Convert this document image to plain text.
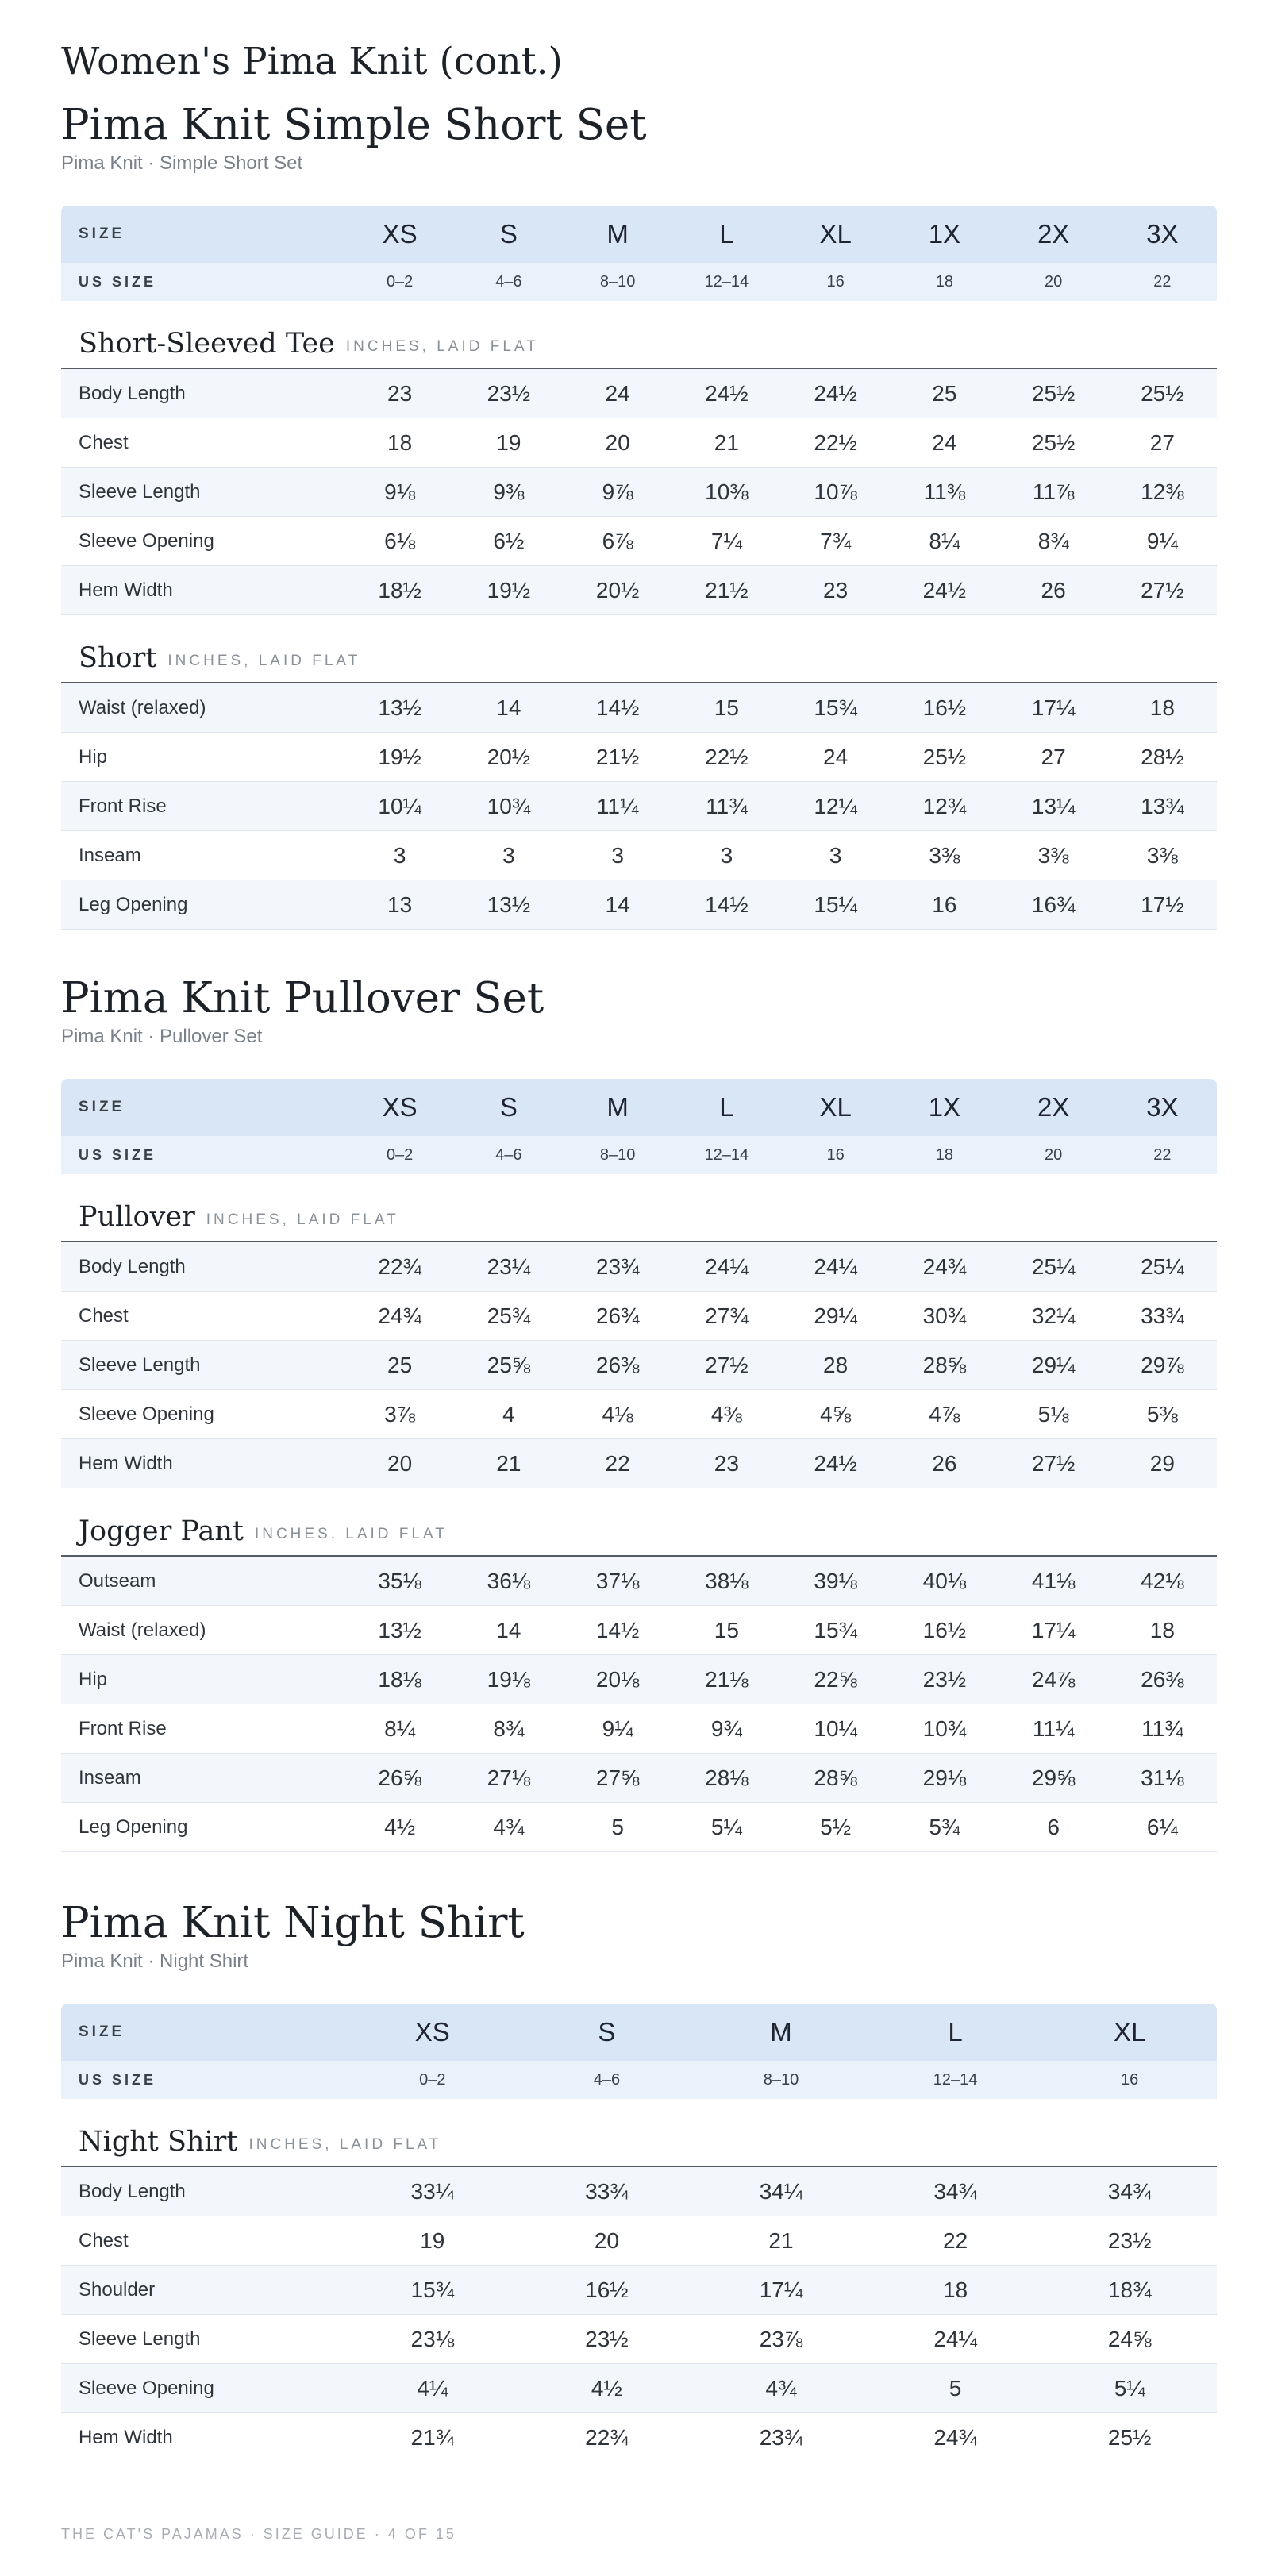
Women's Pima Knit (cont.)
Pima Knit Simple Short Set

Pima Knit · Simple Short Set

SIZE	XS	S	M	L	XL	1X	2X	3X
US SIZE	0–2	4–6	8–10	12–14	16	18	20	22
Short-Sleeved Tee INCHES, LAID FLAT
Body Length	23	23½	24	24½	24½	25	25½	25½
Chest	18	19	20	21	22½	24	25½	27
Sleeve Length	9⅛	9⅜	9⅞	10⅜	10⅞	11⅜	11⅞	12⅜
Sleeve Opening	6⅛	6½	6⅞	7¼	7¾	8¼	8¾	9¼
Hem Width	18½	19½	20½	21½	23	24½	26	27½
Short INCHES, LAID FLAT
Waist (relaxed)	13½	14	14½	15	15¾	16½	17¼	18
Hip	19½	20½	21½	22½	24	25½	27	28½
Front Rise	10¼	10¾	11¼	11¾	12¼	12¾	13¼	13¾
Inseam	3	3	3	3	3	3⅜	3⅜	3⅜
Leg Opening	13	13½	14	14½	15¼	16	16¾	17½
Pima Knit Pullover Set

Pima Knit · Pullover Set

SIZE	XS	S	M	L	XL	1X	2X	3X
US SIZE	0–2	4–6	8–10	12–14	16	18	20	22
Pullover INCHES, LAID FLAT
Body Length	22¾	23¼	23¾	24¼	24¼	24¾	25¼	25¼
Chest	24¾	25¾	26¾	27¾	29¼	30¾	32¼	33¾
Sleeve Length	25	25⅝	26⅜	27½	28	28⅝	29¼	29⅞
Sleeve Opening	3⅞	4	4⅛	4⅜	4⅝	4⅞	5⅛	5⅜
Hem Width	20	21	22	23	24½	26	27½	29
Jogger Pant INCHES, LAID FLAT
Outseam	35⅛	36⅛	37⅛	38⅛	39⅛	40⅛	41⅛	42⅛
Waist (relaxed)	13½	14	14½	15	15¾	16½	17¼	18
Hip	18⅛	19⅛	20⅛	21⅛	22⅝	23½	24⅞	26⅜
Front Rise	8¼	8¾	9¼	9¾	10¼	10¾	11¼	11¾
Inseam	26⅝	27⅛	27⅝	28⅛	28⅝	29⅛	29⅝	31⅛
Leg Opening	4½	4¾	5	5¼	5½	5¾	6	6¼
Pima Knit Night Shirt

Pima Knit · Night Shirt

SIZE	XS	S	M	L	XL
US SIZE	0–2	4–6	8–10	12–14	16
Night Shirt INCHES, LAID FLAT
Body Length	33¼	33¾	34¼	34¾	34¾
Chest	19	20	21	22	23½
Shoulder	15¾	16½	17¼	18	18¾
Sleeve Length	23⅛	23½	23⅞	24¼	24⅝
Sleeve Opening	4¼	4½	4¾	5	5¼
Hem Width	21¾	22¾	23¾	24¾	25½
THE CAT'S PAJAMAS · SIZE GUIDE · 4 OF 15
